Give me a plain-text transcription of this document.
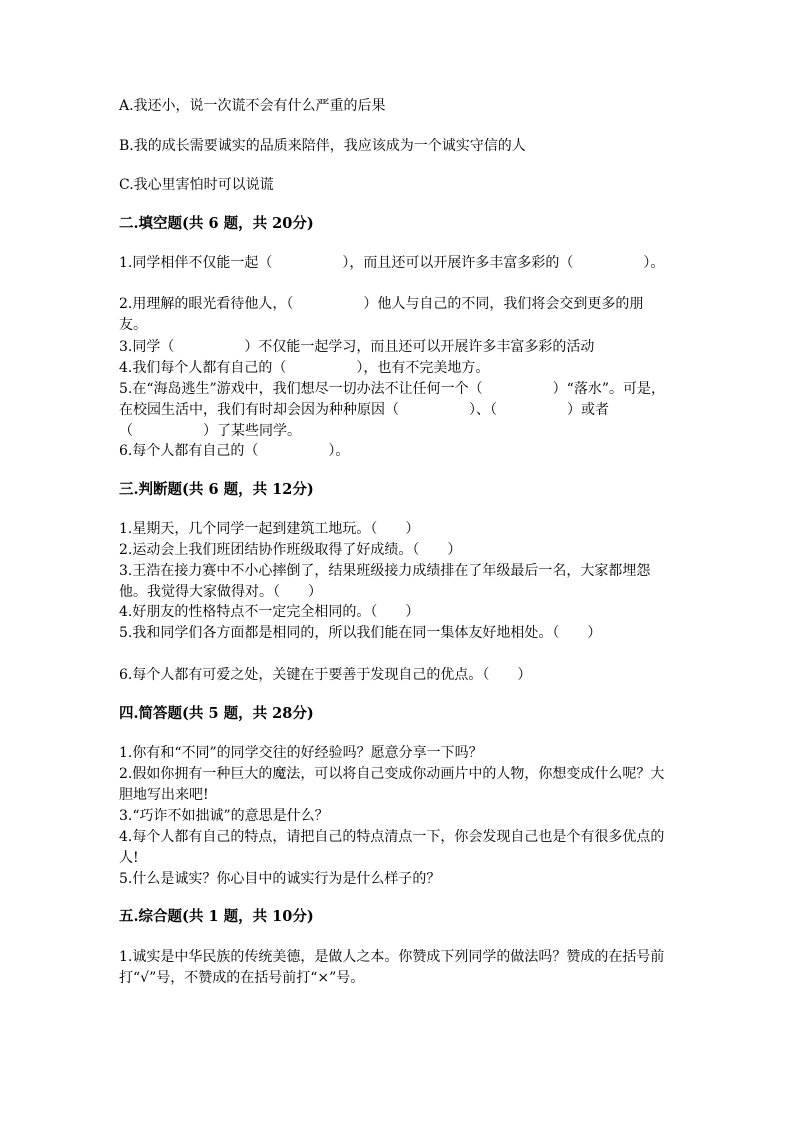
A.我还小，说一次谎不会有什么严重的后果
B.我的成长需要诚实的品质来陪伴，我应该成为一个诚实守信的人
C.我心里害怕时可以说谎
二.填空题(共 6 题，共 20分)
1.同学相伴不仅能一起（　　　　　），而且还可以开展许多丰富多彩的（　　　　　）。
2.用理解的眼光看待他人，（　　　　　）他人与自己的不同，我们将会交到更多的朋友。
3.同学（　　　　　）不仅能一起学习，而且还可以开展许多丰富多彩的活动
4.我们每个人都有自己的（　　　　　），也有不完美地方。
5.在“海岛逃生”游戏中，我们想尽一切办法不让任何一个（　　　　　）“落水”。可是，在校园生活中，我们有时却会因为种种原因（　　　　　）、（　　　　　）或者（　　　　　）了某些同学。
6.每个人都有自己的（　　　　　）。
三.判断题(共 6 题，共 12分)
1.星期天，几个同学一起到建筑工地玩。（　　）
2.运动会上我们班团结协作班级取得了好成绩。（　　）
3.王浩在接力赛中不小心摔倒了，结果班级接力成绩排在了年级最后一名，大家都埋怨他。我觉得大家做得对。（　　）
4.好朋友的性格特点不一定完全相同的。（　　）
5.我和同学们各方面都是相同的，所以我们能在同一集体友好地相处。（　　）
6.每个人都有可爱之处，关键在于要善于发现自己的优点。（　　）
四.简答题(共 5 题，共 28分)
1.你有和“不同”的同学交往的好经验吗？愿意分享一下吗？
2.假如你拥有一种巨大的魔法，可以将自己变成你动画片中的人物，你想变成什么呢？大胆地写出来吧!
3.“巧诈不如拙诚”的意思是什么？
4.每个人都有自己的特点，请把自己的特点清点一下，你会发现自己也是个有很多优点的人!
5.什么是诚实？你心目中的诚实行为是什么样子的？
五.综合题(共 1 题，共 10分)
1.诚实是中华民族的传统美德，是做人之本。你赞成下列同学的做法吗？赞成的在括号前打“√”号，不赞成的在括号前打“×”号。
